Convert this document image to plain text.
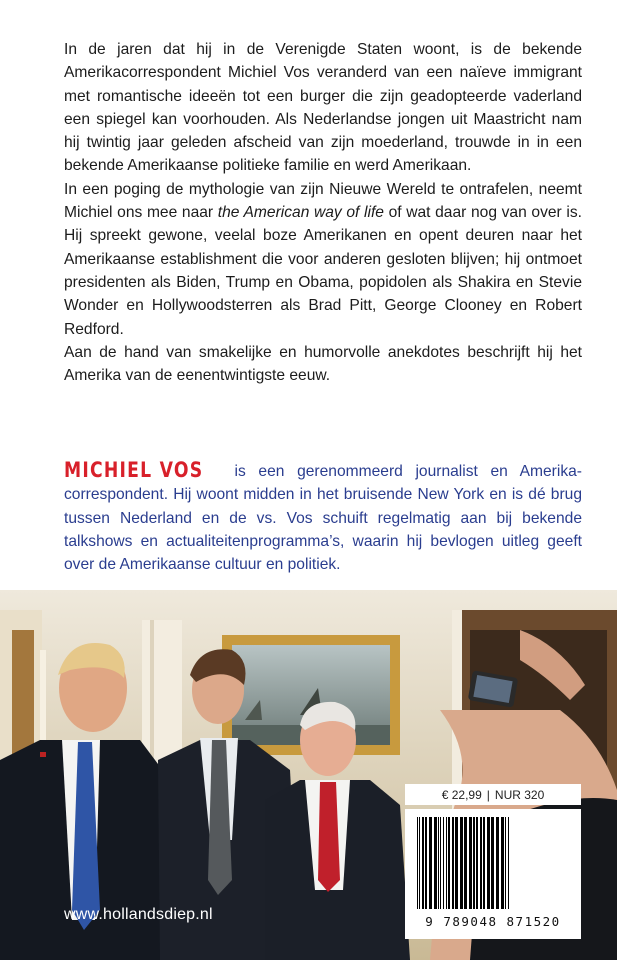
In de jaren dat hij in de Verenigde Staten woont, is de bekende Amerikacorrespondent Michiel Vos veranderd van een naïeve immigrant met romantische ideeën tot een burger die zijn geadopteerde vaderland een spiegel kan voorhouden. Als Nederlandse jongen uit Maastricht nam hij twintig jaar geleden afscheid van zijn moederland, trouwde in in een bekende Amerikaanse politieke familie en werd Amerikaan.

In een poging de mythologie van zijn Nieuwe Wereld te ontrafelen, neemt Michiel ons mee naar the American way of life of wat daar nog van over is. Hij spreekt gewone, veelal boze Amerikanen en opent deuren naar het Amerikaanse establishment die voor anderen gesloten blijven; hij ontmoet presidenten als Biden, Trump en Obama, popidolen als Shakira en Stevie Wonder en Hollywoodsterren als Brad Pitt, George Clooney en Robert Redford.

Aan de hand van smakelijke en humorvolle anekdotes beschrijft hij het Amerika van de eenentwintigste eeuw.

MICHIEL VOS is een gerenommeerd journalist en Amerikacorrespondent. Hij woont midden in het bruisende New York en is dé brug tussen Nederland en de vs. Vos schuift regelmatig aan bij bekende talkshows en actualiteitenprogramma’s, waarin hij bevlogen uitleg geeft over de Amerikaanse cultuur en politiek.
www.hollandsdiep.nl
€ 22,99 | NUR 320
9 789048 871520
